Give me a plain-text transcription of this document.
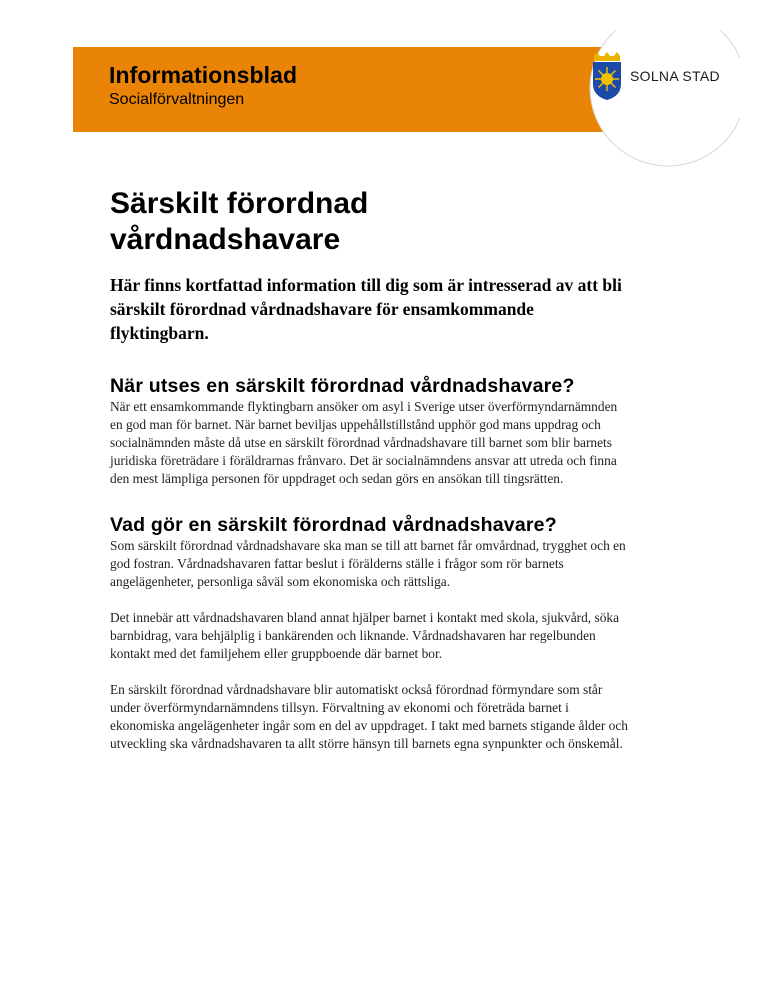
Informationsblad
Socialförvaltningen
SOLNA STAD
Särskilt förordnad
vårdnadshavare

Här finns kortfattad information till dig som är intresserad av att bli särskilt förordnad vårdnadshavare för ensamkommande flyktingbarn.

När utses en särskilt förordnad vårdnadshavare?

När ett ensamkommande flyktingbarn ansöker om asyl i Sverige utser överförmyndarnämnden en god man för barnet. När barnet beviljas uppehållstillstånd upphör god mans uppdrag och socialnämnden måste då utse en särskilt förordnad vårdnadshavare till barnet som blir barnets juridiska företrädare i föräldrarnas frånvaro. Det är socialnämndens ansvar att utreda och finna den mest lämpliga personen för uppdraget och sedan görs en ansökan till tingsrätten.

Vad gör en särskilt förordnad vårdnadshavare?

Som särskilt förordnad vårdnadshavare ska man se till att barnet får omvårdnad, trygghet och en god fostran. Vårdnadshavaren fattar beslut i förälderns ställe i frågor som rör barnets angelägenheter, personliga såväl som ekonomiska och rättsliga.

Det innebär att vårdnadshavaren bland annat hjälper barnet i kontakt med skola, sjukvård, söka barnbidrag, vara behjälplig i bankärenden och liknande. Vårdnadshavaren har regelbunden kontakt med det familjehem eller gruppboende där barnet bor.

En särskilt förordnad vårdnadshavare blir automatiskt också förordnad förmyndare som står under överförmyndarnämndens tillsyn. Förvaltning av ekonomi och företräda barnet i ekonomiska angelägenheter ingår som en del av uppdraget. I takt med barnets stigande ålder och utveckling ska vårdnadshavaren ta allt större hänsyn till barnets egna synpunkter och önskemål.
